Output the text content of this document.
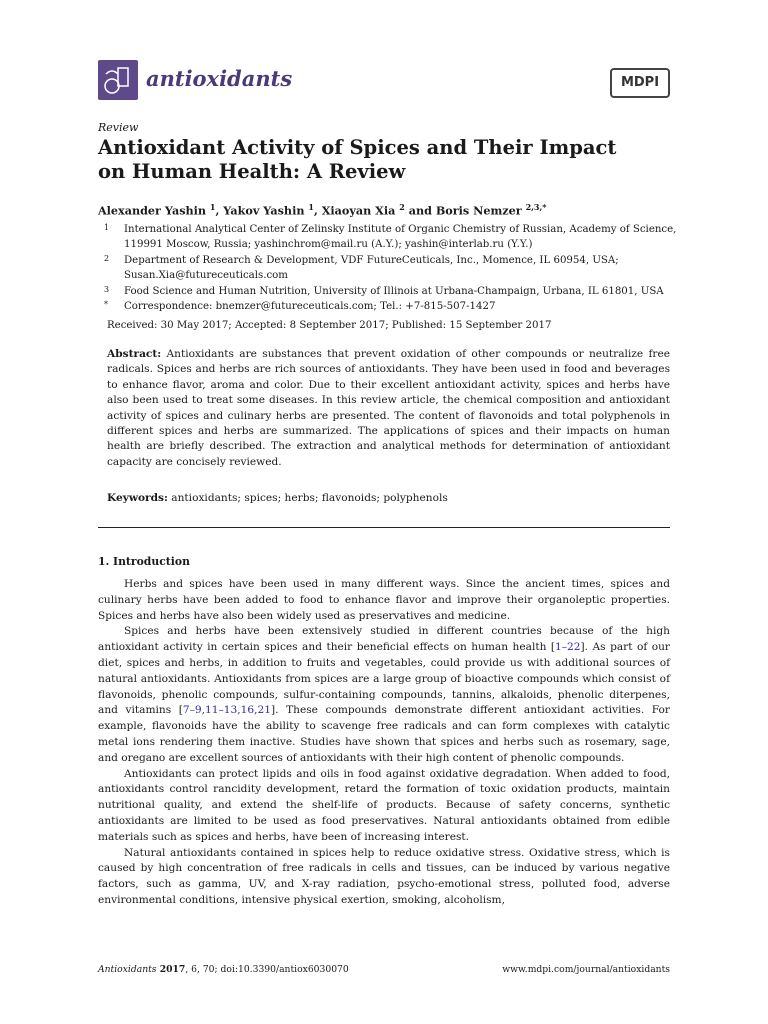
antioxidants	MDPI
Review
Antioxidant Activity of Spices and Their Impact
on Human Health: A Review
Alexander Yashin $^1$, Yakov Yashin $^1$, Xiaoyan Xia $^2$ and Boris Nemzer $^{2,3,*}$
1 International Analytical Center of Zelinsky Institute of Organic Chemistry of Russian, Academy of Science,
119991 Moscow, Russia; yashinchrom@mail.ru (A.Y.); yashin@interlab.ru (Y.Y.)
2 Department of Research & Development, VDF FutureCeuticals, Inc., Momence, IL 60954, USA;
Susan.Xia@futureceuticals.com
3 Food Science and Human Nutrition, University of Illinois at Urbana-Champaign, Urbana, IL 61801, USA
* Correspondence: bnemzer@futureceuticals.com; Tel.: +7-815-507-1427
Received: 30 May 2017; Accepted: 8 September 2017; Published: 15 September 2017
Abstract: Antioxidants are substances that prevent oxidation of other compounds or neutralize free radicals. Spices and herbs are rich sources of antioxidants. They have been used in food and beverages to enhance flavor, aroma and color. Due to their excellent antioxidant activity, spices and herbs have also been used to treat some diseases. In this review article, the chemical composition and antioxidant activity of spices and culinary herbs are presented. The content of flavonoids and total polyphenols in different spices and herbs are summarized. The applications of spices and their impacts on human health are briefly described. The extraction and analytical methods for determination of antioxidant capacity are concisely reviewed.
Keywords: antioxidants; spices; herbs; flavonoids; polyphenols
1. Introduction

Herbs and spices have been used in many different ways. Since the ancient times, spices and culinary herbs have been added to food to enhance flavor and improve their organoleptic properties. Spices and herbs have also been widely used as preservatives and medicine.

Spices and herbs have been extensively studied in different countries because of the high antioxidant activity in certain spices and their beneficial effects on human health [1–22]. As part of our diet, spices and herbs, in addition to fruits and vegetables, could provide us with additional sources of natural antioxidants. Antioxidants from spices are a large group of bioactive compounds which consist of flavonoids, phenolic compounds, sulfur-containing compounds, tannins, alkaloids, phenolic diterpenes, and vitamins [7–9,11–13,16,21]. These compounds demonstrate different antioxidant activities. For example, flavonoids have the ability to scavenge free radicals and can form complexes with catalytic metal ions rendering them inactive. Studies have shown that spices and herbs such as rosemary, sage, and oregano are excellent sources of antioxidants with their high content of phenolic compounds.

Antioxidants can protect lipids and oils in food against oxidative degradation. When added to food, antioxidants control rancidity development, retard the formation of toxic oxidation products, maintain nutritional quality, and extend the shelf-life of products. Because of safety concerns, synthetic antioxidants are limited to be used as food preservatives. Natural antioxidants obtained from edible materials such as spices and herbs, have been of increasing interest.

Natural antioxidants contained in spices help to reduce oxidative stress. Oxidative stress, which is caused by high concentration of free radicals in cells and tissues, can be induced by various negative factors, such as gamma, UV, and X-ray radiation, psycho-emotional stress, polluted food, adverse environmental conditions, intensive physical exertion, smoking, alcoholism,

Antioxidants 2017, 6, 70; doi:10.3390/antiox6030070	www.mdpi.com/journal/antioxidants
